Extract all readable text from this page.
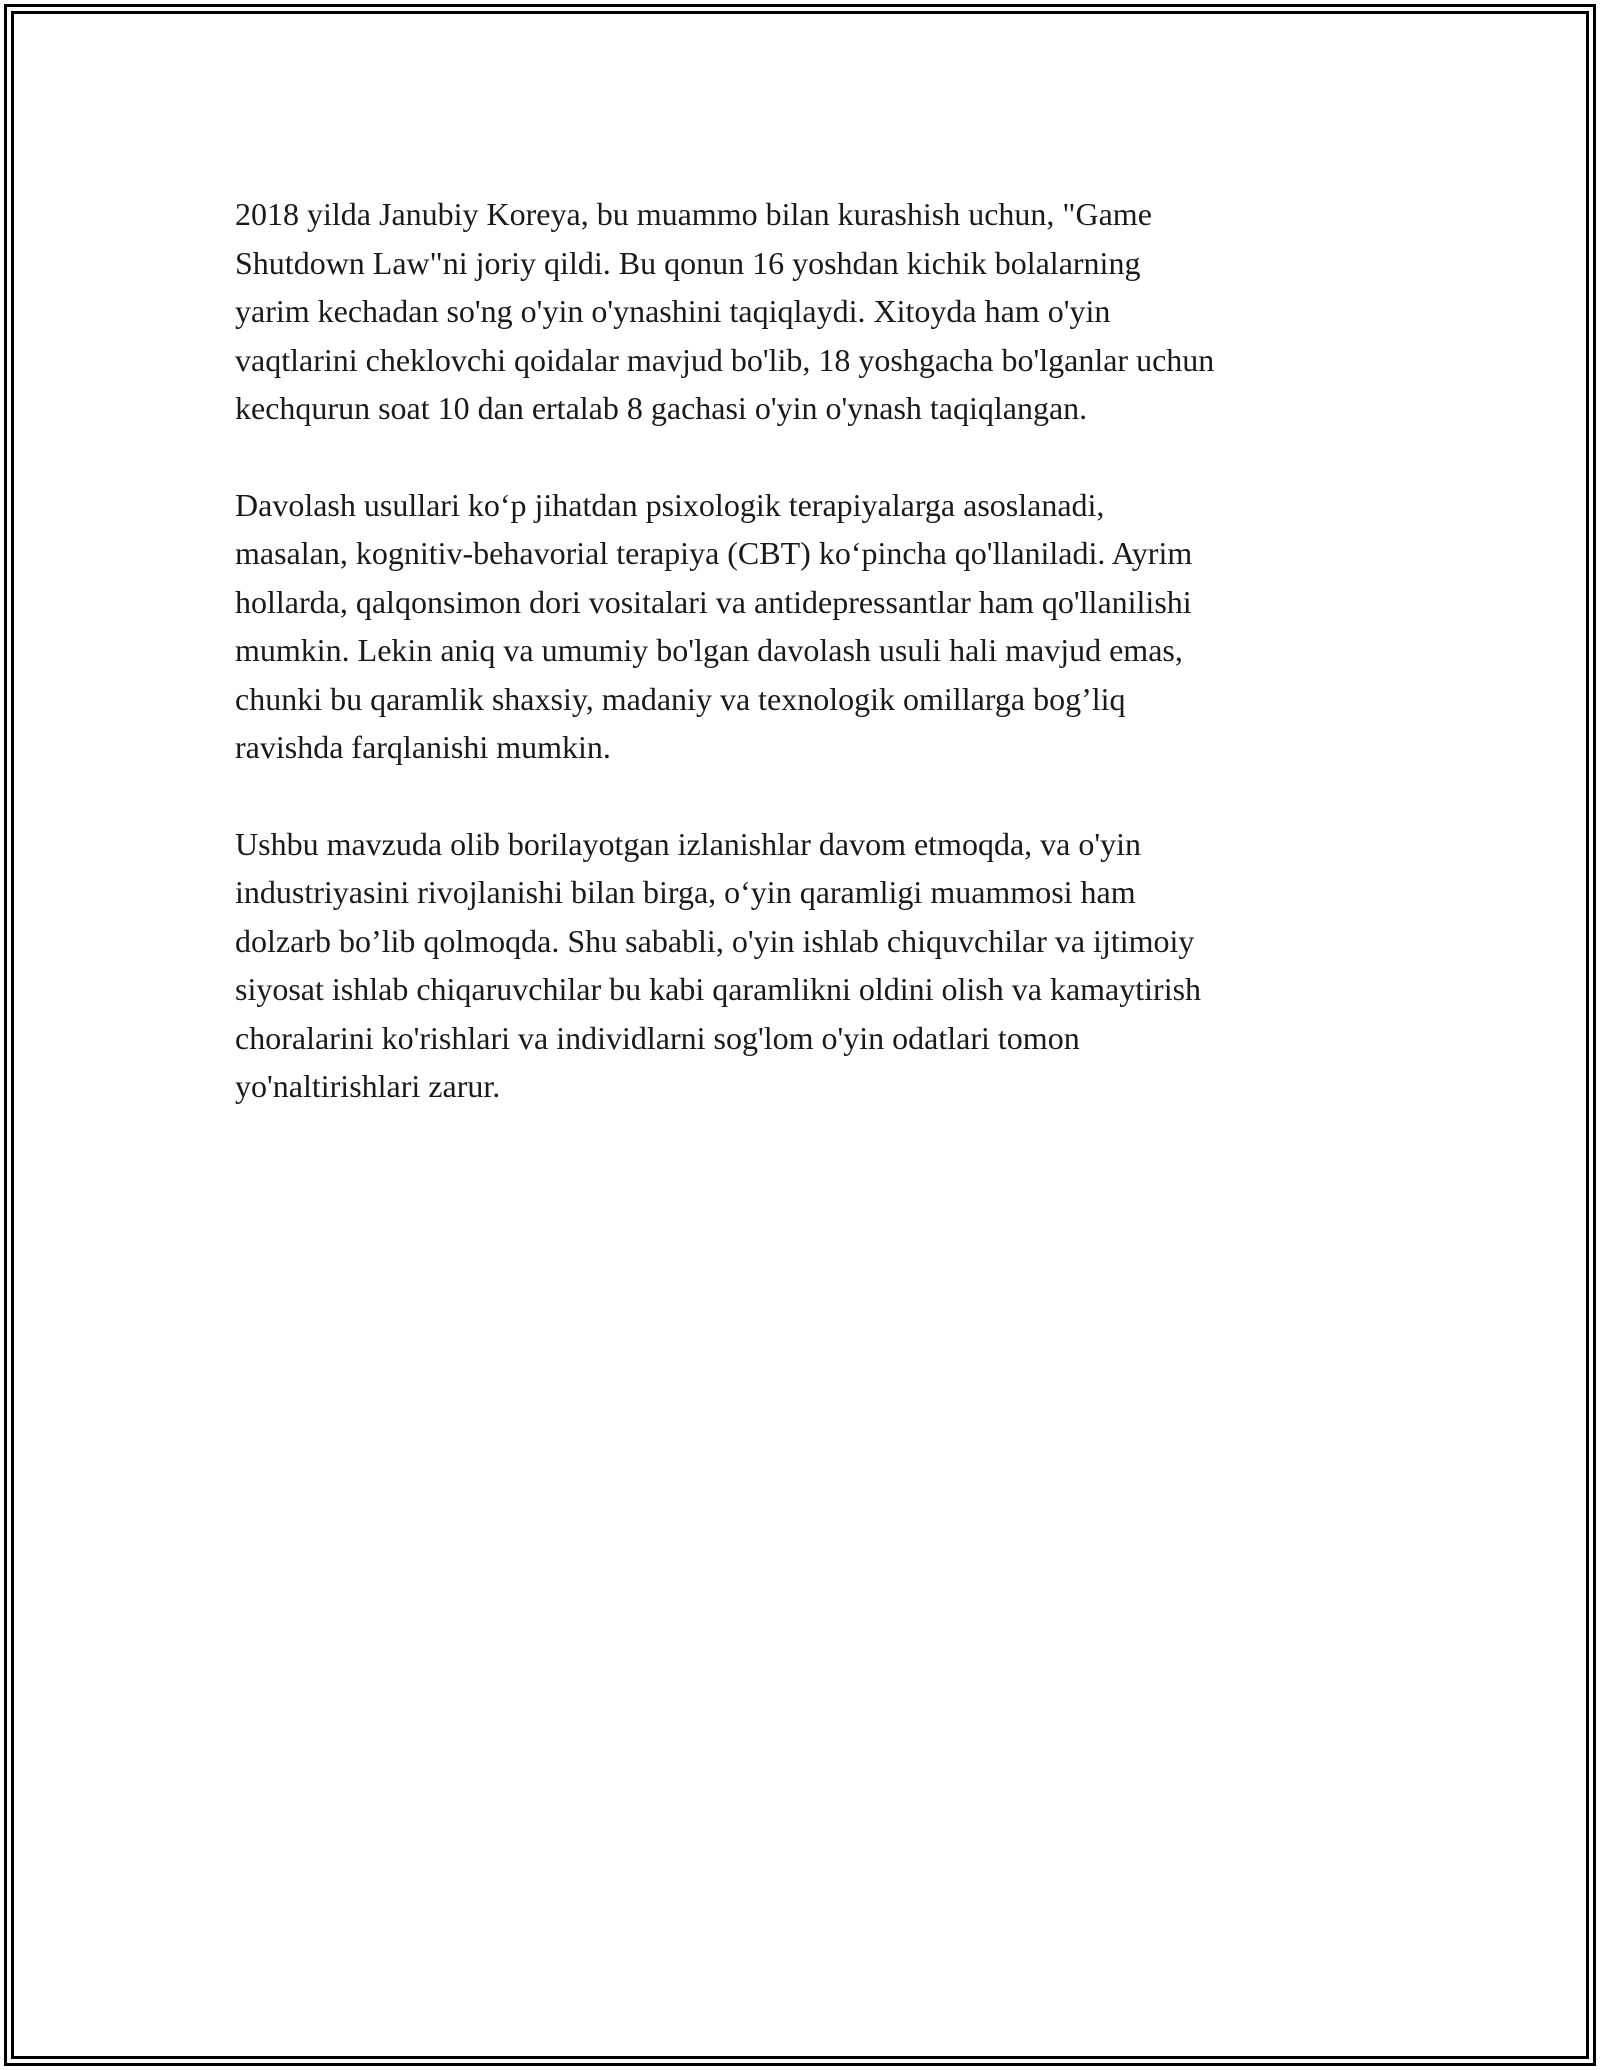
2018 yilda Janubiy Koreya, bu muammo bilan kurashish uchun, "Game
Shutdown Law"ni joriy qildi. Bu qonun 16 yoshdan kichik bolalarning
yarim kechadan so'ng o'yin o'ynashini taqiqlaydi. Xitoyda ham o'yin
vaqtlarini cheklovchi qoidalar mavjud bo'lib, 18 yoshgacha bo'lganlar uchun
kechqurun soat 10 dan ertalab 8 gachasi o'yin o'ynash taqiqlangan.

Davolash usullari ko‘p jihatdan psixologik terapiyalarga asoslanadi,
masalan, kognitiv-behavorial terapiya (CBT) ko‘pincha qo'llaniladi. Ayrim
hollarda, qalqonsimon dori vositalari va antidepressantlar ham qo'llanilishi
mumkin. Lekin aniq va umumiy bo'lgan davolash usuli hali mavjud emas,
chunki bu qaramlik shaxsiy, madaniy va texnologik omillarga bog’liq
ravishda farqlanishi mumkin.

Ushbu mavzuda olib borilayotgan izlanishlar davom etmoqda, va o'yin
industriyasini rivojlanishi bilan birga, o‘yin qaramligi muammosi ham
dolzarb bo’lib qolmoqda. Shu sababli, o'yin ishlab chiquvchilar va ijtimoiy
siyosat ishlab chiqaruvchilar bu kabi qaramlikni oldini olish va kamaytirish
choralarini ko'rishlari va individlarni sog'lom o'yin odatlari tomon
yo'naltirishlari zarur.
